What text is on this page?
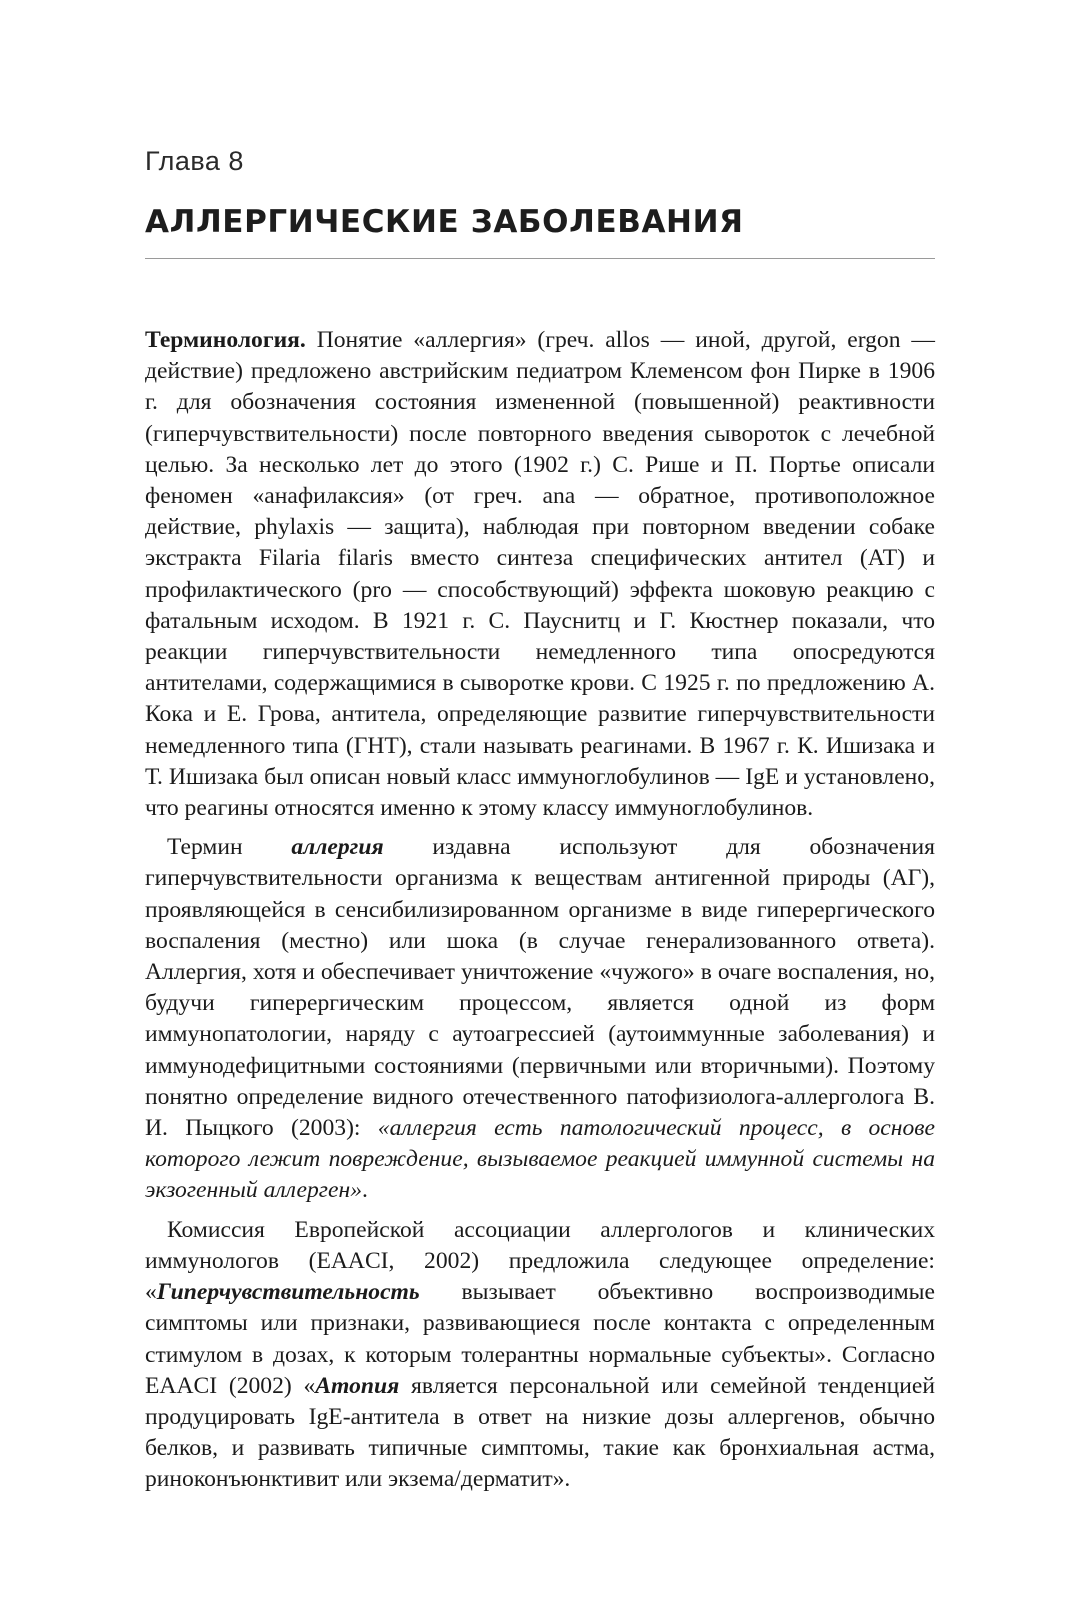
Глава 8
АЛЛЕРГИЧЕСКИЕ ЗАБОЛЕВАНИЯ

Терминология. Понятие «аллергия» (греч. allos — иной, другой, ergon — действие) предложено австрийским педиатром Клеменсом фон Пирке в 1906 г. для обозначения состояния измененной (повышенной) реактивности (гиперчувствительности) после повторного введения сывороток с лечебной целью. За несколько лет до этого (1902 г.) С. Рише и П. Портье описали феномен «анафилаксия» (от греч. ana — обратное, противоположное действие, phylaxis — защита), наблюдая при повторном введении собаке экстракта Filaria filaris вместо синтеза специфических антител (АТ) и профилактического (pro — способствующий) эффекта шоковую реакцию с фатальным исходом. В 1921 г. С. Пауснитц и Г. Кюстнер показали, что реакции гиперчувствительности немедленного типа опосредуются антителами, содержащимися в сыворотке крови. С 1925 г. по предложению А. Кока и Е. Грова, антитела, определяющие развитие гиперчувствительности немедленного типа (ГНТ), стали называть реагинами. В 1967 г. К. Ишизака и Т. Ишизака был описан новый класс иммуноглобулинов — IgE и установлено, что реагины относятся именно к этому классу иммуноглобулинов.

Термин аллергия издавна используют для обозначения гиперчувствительности организма к веществам антигенной природы (АГ), проявляющейся в сенсибилизированном организме в виде гиперергического воспаления (местно) или шока (в случае генерализованного ответа). Аллергия, хотя и обеспечивает уничтожение «чужого» в очаге воспаления, но, будучи гиперергическим процессом, является одной из форм иммунопатологии, наряду с аутоагрессией (аутоиммунные заболевания) и иммунодефицитными состояниями (первичными или вторичными). Поэтому понятно определение видного отечественного патофизиолога-аллерголога В. И. Пыцкого (2003): «аллергия есть патологический процесс, в основе которого лежит повреждение, вызываемое реакцией иммунной системы на экзогенный аллерген».

Комиссия Европейской ассоциации аллергологов и клинических иммунологов (EAACI, 2002) предложила следующее определение: «Гиперчувствительность вызывает объективно воспроизводимые симптомы или признаки, развивающиеся после контакта с определенным стимулом в дозах, к которым толерантны нормальные субъекты». Согласно EAACI (2002) «Атопия является персональной или семейной тенденцией продуцировать IgE-антитела в ответ на низкие дозы аллергенов, обычно белков, и развивать типичные симптомы, такие как бронхиальная астма, риноконъюнктивит или экзема/дерматит».
